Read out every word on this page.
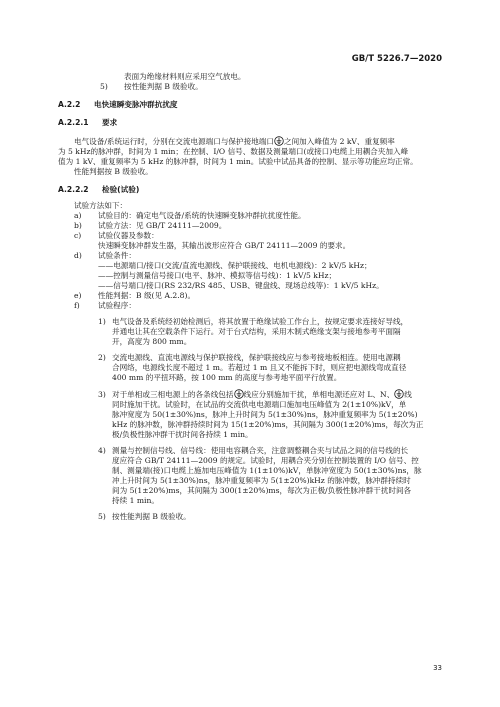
GB/T 5226.7—2020
表面为绝缘材料则应采用空气放电。
5) 按性能判据 B 级验收。
A.2.2 电快速瞬变脉冲群抗扰度
A.2.2.1 要求
电气设备/系统运行时，分别在交流电源端口与保护接地端口 之间加入峰值为 2 kV、重复频率
为 5 kHz的脉冲群，时间为 1 min；在控制、I/O 信号、数据及测量端口(或接口)电缆上用耦合夹加入峰
值为 1 kV、重复频率为 5 kHz 的脉冲群，时间为 1 min。试验中试品具备的控制、显示等功能应均正常。
性能判据按 B 级验收。
A.2.2.2 检验(试验)
试验方法如下：
a) 试验目的：确定电气设备/系统的快速瞬变脉冲群抗扰度性能。
b) 试验方法：见 GB/T 24111—2009。
c) 试验仪器及参数：
快速瞬变脉冲群发生器，其输出波形应符合 GB/T 24111—2009 的要求。
d) 试验条件：
——电源端口/接口(交流/直流电源线、保护联接线、电机电源线)：2 kV/5 kHz；
——控制与测量信号接口(电平、脉冲、模拟等信号线)：1 kV/5 kHz；
——信号端口/接口(RS 232/RS 485、USB、键盘线、现场总线等)：1 kV/5 kHz。
e) 性能判据：B 级(见 A.2.8)。
f) 试验程序：
1) 电气设备及系统经初始检测后，将其放置于绝缘试验工作台上，按规定要求连接好导线，
并通电让其在空载条件下运行。对于台式结构，采用木制式绝缘支架与接地参考平面隔
开，高度为 800 mm。
2) 交流电源线、直流电源线与保护联接线，保护联接线应与参考接地板相连。使用电源耦
合网络，电源线长度不超过 1 m。若超过 1 m 且又不能拆下时，则应把电源线弯成直径
400 mm 的平扭环路，按 100 mm 的高度与参考地平面平行放置。
3) 对于单相或三相电源上的各条线包括 线应分别施加干扰，单相电源还应对 L、N、 线
同时施加干扰。试验时，在试品的交流供电电源端口施加电压峰值为 2(1±10%)kV，单
脉冲宽度为 50(1±30%)ns，脉冲上升时间为 5(1±30%)ns，脉冲重复频率为 5(1±20%)
kHz 的脉冲数，脉冲群持续时间为 15(1±20%)ms，其间隔为 300(1±20%)ms，每次为正
极/负极性脉冲群干扰时间各持续 1 min。
4) 测量与控制信号线、信号线：使用电容耦合夹，注意调整耦合夹与试品之间的信号线的长
度应符合 GB/T 24111—2009 的规定。试验时，用耦合夹分别在控制装置的 I/O 信号、控
制、测量端(接)口电缆上施加电压峰值为 1(1±10%)kV，单脉冲宽度为 50(1±30%)ns，脉
冲上升时间为 5(1±30%)ns，脉冲重复频率为 5(1±20%)kHz 的脉冲数，脉冲群持续时
间为 5(1±20%)ms，其间隔为 300(1±20%)ms，每次为正极/负极性脉冲群干扰时间各
持续 1 min。
5) 按性能判据 B 级验收。
33
